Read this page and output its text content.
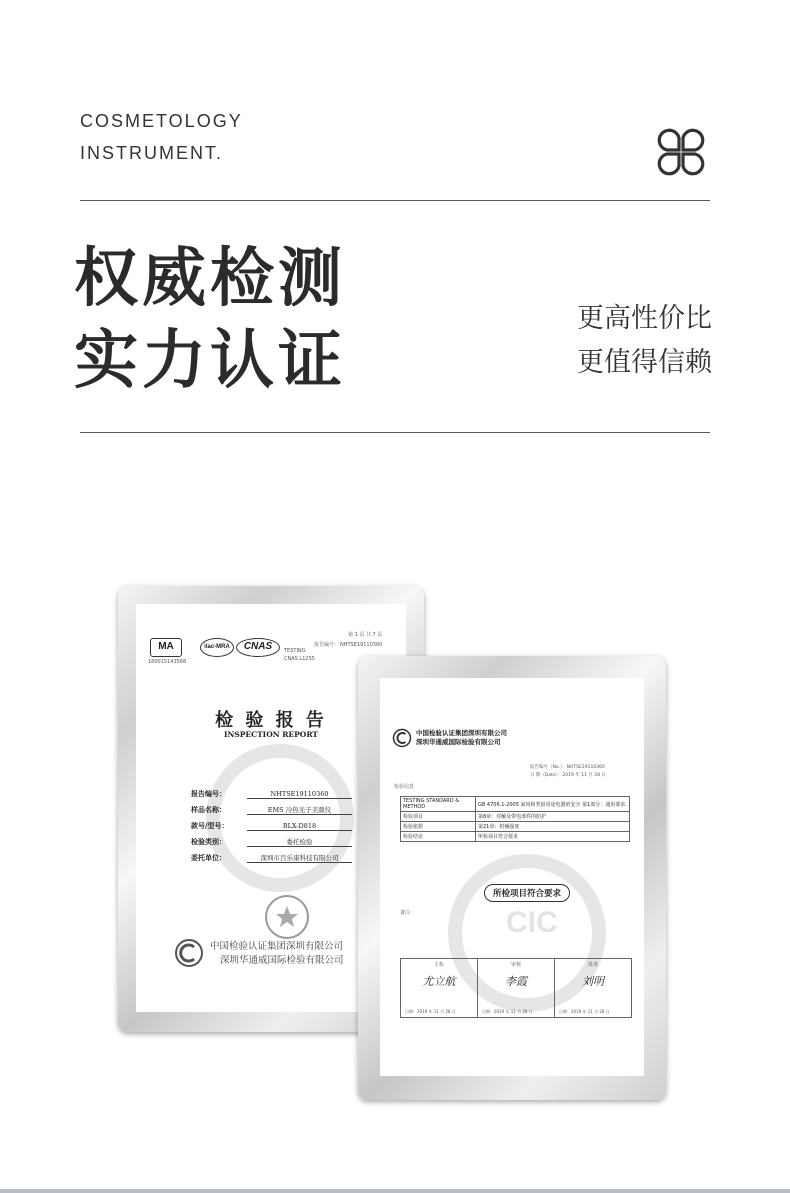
COSMETOLOGY
INSTRUMENT.
权威检测
实力认证
更高性价比
更值得信赖
MA
180015143568
ilac-MRA	CNAS	TESTING
CNAS L1255
第 1 页 共 7 页
报告编号： NHTSE19110360
检 验 报 告
INSPECTION REPORT
报告编号：	NHTSE19110360
样品名称：	EMS 冷热光子美颜仪
款号/型号：	BLX-D818
检验类别：	委托检验
委托单位：	深圳市百乐康科技有限公司
中国检验认证集团深圳有限公司
深圳华通威国际检验有限公司
CIC
中国检验认证集团深圳有限公司
深圳华通威国际检验有限公司
报告编号（No.）：NHTSE19110360
日 期（Date）：2019 年 11 月 28 日
检验信息
TESTING STANDARD & METHOD	GB 4706.1-2005 家用和类似用途电器的安全 第1部分：通用要求
检验项目	第8章：对触及带电部件的防护
检验依据	第21章：机械强度
检验结论	所检项目符合要求
所检项目符合要求
备注：
主检
尤立航
日期：2019 年 11 月 28 日
审核
李霞
日期：2019 年 11 月 28 日
批准
刘明
日期：2019 年 11 月 28 日
